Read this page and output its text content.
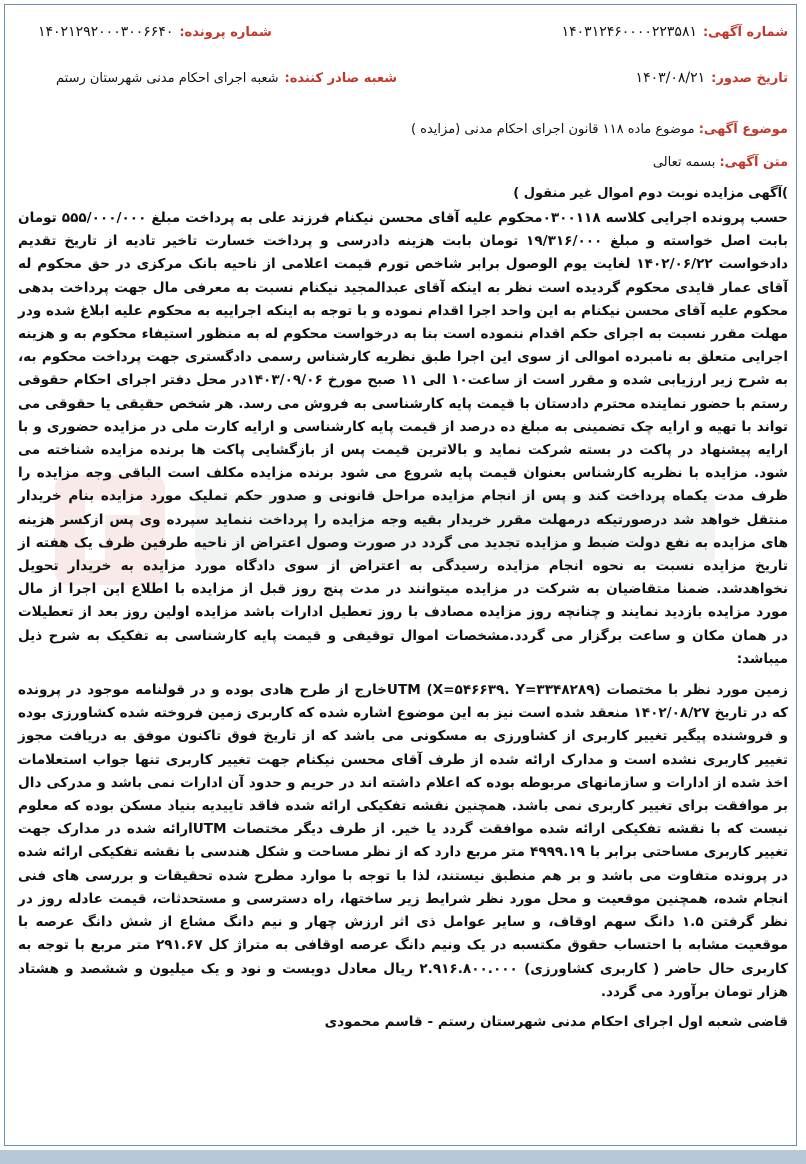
شماره آگهی:
۱۴۰۳۱۲۴۶۰۰۰۰۲۲۳۵۸۱
شماره پرونده:
۱۴۰۲۱۲۹۲۰۰۰۳۰۰۶۶۴۰
تاریخ صدور:
۱۴۰۳/۰۸/۲۱
شعبه صادر کننده:
شعبه اجرای احکام مدنی شهرستان رستم
موضوع آگهی: موضوع ماده ۱۱۸ قانون اجرای احکام مدنی (مزایده )
متن آگهی: بسمه تعالی
)آگهی مزایده نوبت دوم اموال غیر منقول )
حسب پرونده اجرایی کلاسه ۰۳۰۰۱۱۸محکوم علیه آقای محسن نیکنام فرزند علی به پرداخت مبلغ ۵۵۵/۰۰۰/۰۰۰ تومان بابت اصل خواسته و مبلغ ۱۹/۳۱۶/۰۰۰ تومان بابت هزینه دادرسی و پرداخت خسارت تاخیر تادیه از تاریخ تقدیم دادخواست ۱۴۰۲/۰۶/۲۲ لغایت یوم الوصول برابر شاخص تورم قیمت اعلامی از ناحیه بانک مرکزی در حق محکوم له آقای عمار قایدی محکوم گردیده است نظر به اینکه آقای عبدالمجید نیکنام نسبت به معرفی مال جهت پرداخت بدهی محکوم علیه آقای محسن نیکنام به این واحد اجرا اقدام نموده و با توجه به اینکه اجراییه به محکوم علیه ابلاغ شده ودر مهلت مقرر نسبت به اجرای حکم اقدام ننموده است بنا به درخواست محکوم له به منظور استیفاء محکوم به و هزینه اجرایی متعلق به نامبرده اموالی از سوی این اجرا طبق نظریه کارشناس رسمی دادگستری جهت پرداخت محکوم به، به شرح زیر ارزیابی شده و مقرر است از ساعت۱۰ الی ۱۱ صبح مورخ ۱۴۰۳/۰۹/۰۶در محل دفتر اجرای احکام حقوقی رستم با حضور نماینده محترم دادستان با قیمت پایه کارشناسی به فروش می رسد. هر شخص حقیقی یا حقوقی می تواند با تهیه و ارایه چک تضمینی به مبلغ ده درصد از قیمت پایه کارشناسی و ارایه کارت ملی در مزایده حضوری و با ارایه پیشنهاد در پاکت در بسته شرکت نماید و بالاترین قیمت پس از بازگشایی پاکت ها برنده مزایده شناخته می شود. مزایده با نظریه کارشناس بعنوان قیمت پایه شروع می شود برنده مزایده مکلف است الباقی وجه مزایده را ظرف مدت یکماه پرداخت کند و پس از انجام مزایده مراحل قانونی و صدور حکم تملیک مورد مزایده بنام خریدار منتقل خواهد شد درصورتیکه درمهلت مقرر خریدار بقیه وجه مزایده را پرداخت ننماید سپرده وی پس ازکسر هزینه های مزایده به نفع دولت ضبط و مزایده تجدید می گردد در صورت وصول اعتراض از ناحیه طرفین ظرف یک هفته از تاریخ مزایده نسبت به نحوه انجام مزایده رسیدگی به اعتراض از سوی دادگاه مورد مزایده به خریدار تحویل نخواهدشد. ضمنا متقاضیان به شرکت در مزایده میتوانند در مدت پنج روز قبل از مزایده با اطلاع این اجرا از مال مورد مزایده بازدید نمایند و چنانچه روز مزایده مصادف با روز تعطیل ادارات باشد مزایده اولین روز بعد از تعطیلات در همان مکان و ساعت برگزار می گردد.مشخصات اموال توقیفی و قیمت پایه کارشناسی به تفکیک به شرح ذیل میباشد:
زمین مورد نظر با مختصات (UTM (X=۵۴۶۶۳۹. Y=۳۳۴۸۲۸۹خارج از طرح هادی بوده و در قولنامه موجود در پرونده که در تاریخ ۱۴۰۲/۰۸/۲۷ منعقد شده است نیز به این موضوع اشاره شده که کاربری زمین فروخته شده کشاورزی بوده و فروشنده پیگیر تغییر کاربری از کشاورزی به مسکونی می باشد که از تاریخ فوق تاکنون موفق به دریافت مجوز تغییر کاربری نشده است و مدارک ارائه شده از طرف آقای محسن نیکنام جهت تغییر کاربری تنها جواب استعلامات اخذ شده از ادارات و سازمانهای مربوطه بوده که اعلام داشته اند در حریم و حدود آن ادارات نمی باشد و مدرکی دال بر موافقت برای تغییر کاربری نمی باشد. همچنین نقشه تفکیکی ارائه شده فاقد تاییدیه بنیاد مسکن بوده که معلوم نیست که با نقشه تفکیکی ارائه شده موافقت گردد یا خیر. از طرف دیگر مختصات UTMارائه شده در مدارک جهت تغییر کاربری مساحتی برابر با ۴۹۹۹.۱۹ متر مربع دارد که از نظر مساحت و شکل هندسی با نقشه تفکیکی ارائه شده در پرونده متفاوت می باشد و بر هم منطبق نیستند، لذا با توجه با موارد مطرح شده تحقیقات و بررسی های فنی انجام شده، همچنین موقعیت و محل مورد نظر شرایط زیر ساختها، راه دسترسی و مستحدثات، قیمت عادله روز در نظر گرفتن ۱.۵ دانگ سهم اوقاف، و سایر عوامل ذی اثر ارزش چهار و نیم دانگ مشاع از شش دانگ عرصه با موقعیت مشابه با احتساب حقوق مکتسبه در یک ونیم دانگ عرصه اوقافی به متراژ کل ۲۹۱.۶۷ متر مربع با توجه به کاربری حال حاضر ( کاربری کشاورزی) ۲.۹۱۶.۸۰۰.۰۰۰ ریال معادل دویست و نود و یک میلیون و ششصد و هشتاد هزار تومان برآورد می گردد.
قاضی شعبه اول اجرای احکام مدنی شهرستان رستم - قاسم محمودی
